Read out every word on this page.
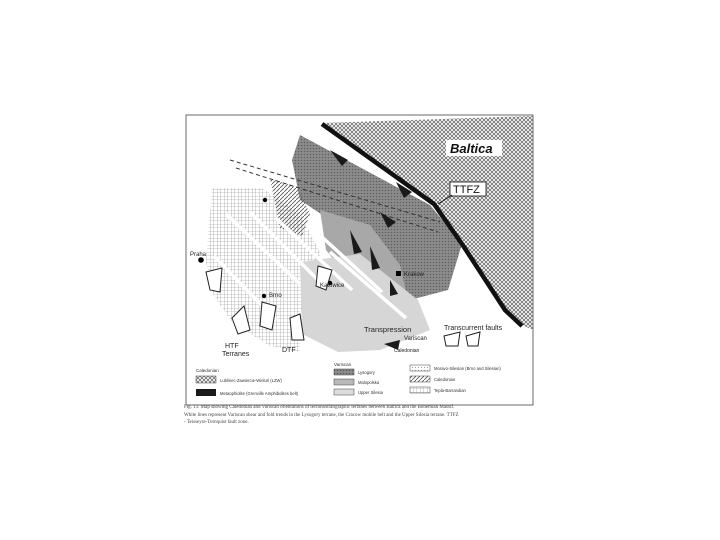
Baltica
TTFZ
Praha
Brno
Katowice
Krakow
HTF
Terranes
DTF
Transpression
Variscan
Caledonian
Transcurrent faults
Caledonian
Lublinec-Zawiercie-Wieluń (LZW)
Metaophiolite (Grenville Amphibolites belt)
Variscan
Lysogory
Malopolska
Upper Silesia
Moravo-Silesian (Brno and Silesian)
Caledonian
Tepla-Barrandian
Fig. 13. Map showing Caledonian and Variscan orientations of tectonostratigraphic terranes between Baltica and the Bohemian Massif.
White lines represent Variscan shear and fold trends in the Lysogory terrane, the Cracow mobile belt and the Upper Silesia terrane. TTFZ
- Teisseyre-Tornquist fault zone.
